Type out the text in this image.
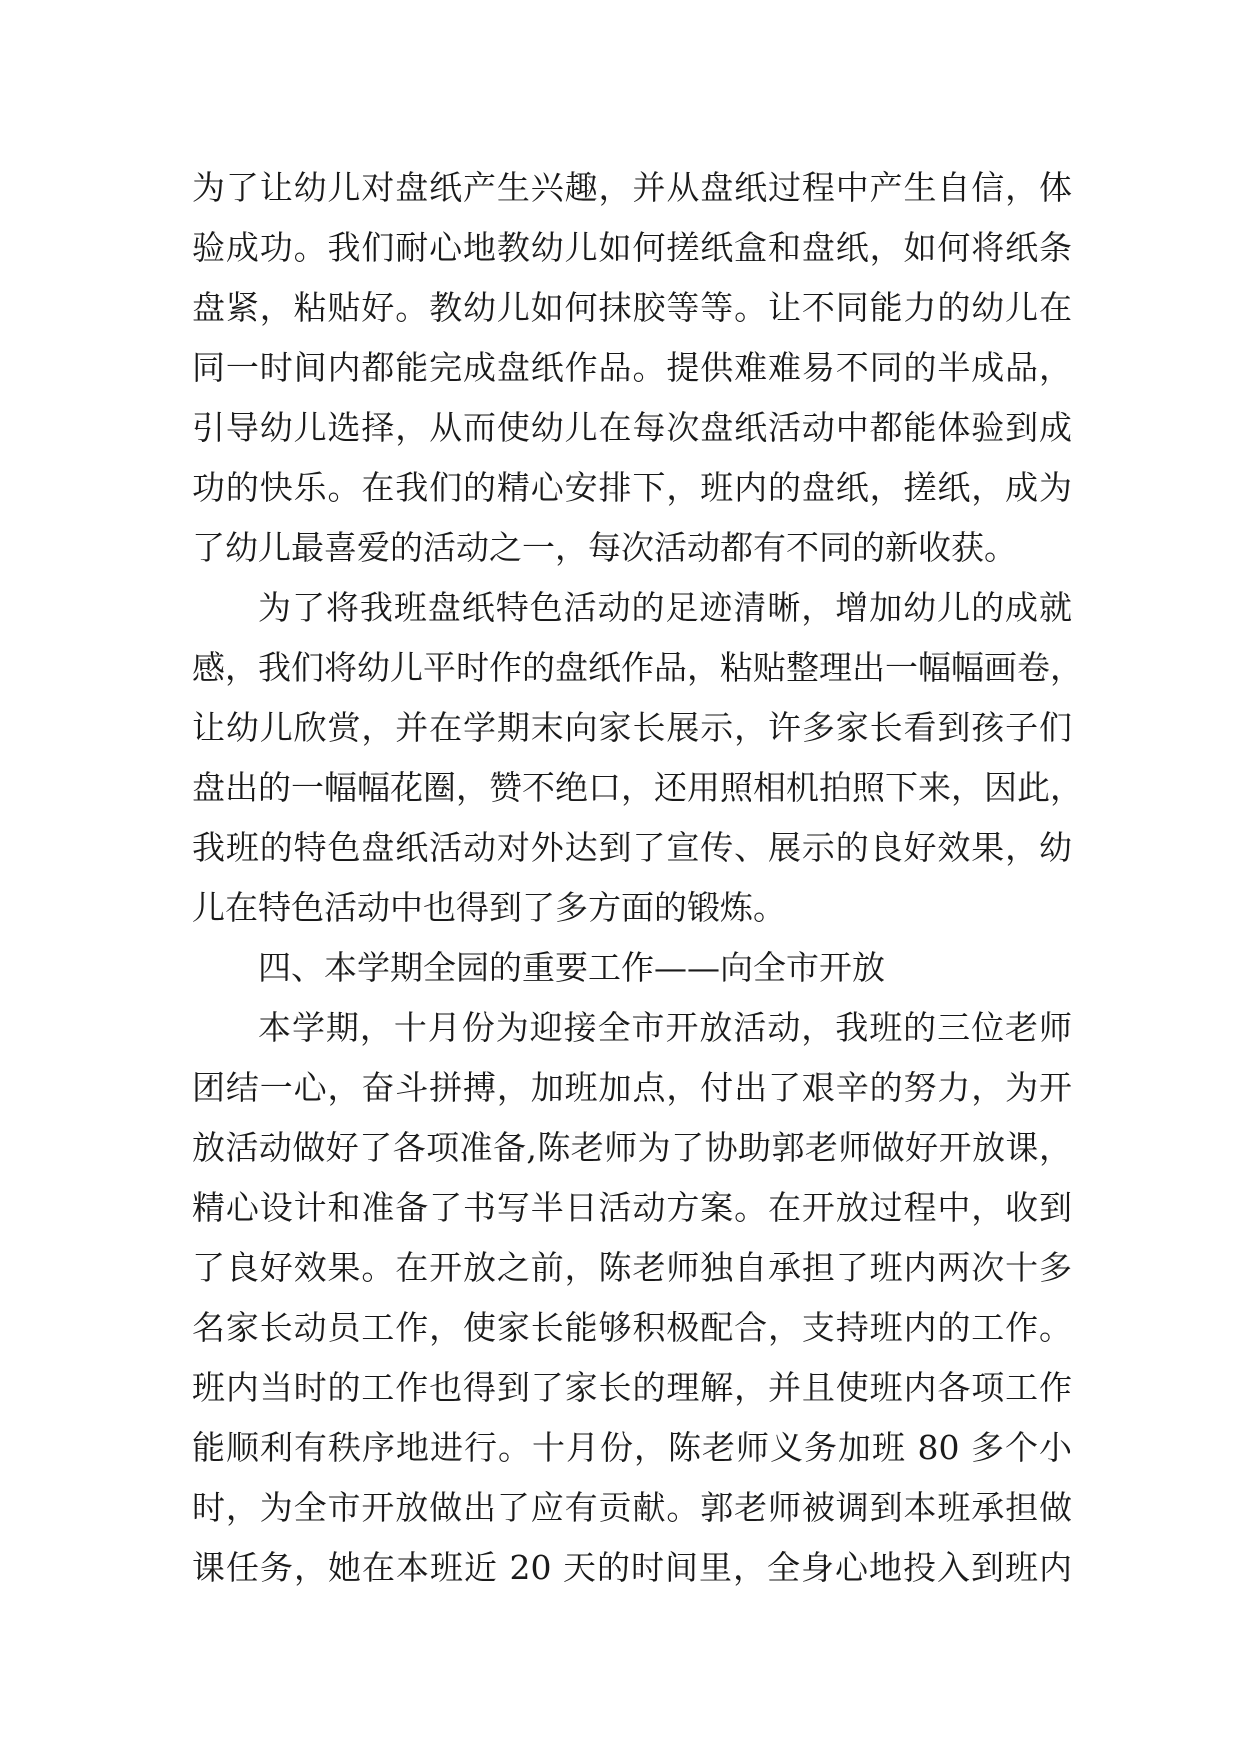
为了让幼儿对盘纸产生兴趣，并从盘纸过程中产生自信，体
验成功。我们耐心地教幼儿如何搓纸盒和盘纸，如何将纸条
盘紧，粘贴好。教幼儿如何抹胶等等。让不同能力的幼儿在
同一时间内都能完成盘纸作品。提供难难易不同的半成品，
引导幼儿选择，从而使幼儿在每次盘纸活动中都能体验到成
功的快乐。在我们的精心安排下，班内的盘纸，搓纸，成为
了幼儿最喜爱的活动之一，每次活动都有不同的新收获。
为了将我班盘纸特色活动的足迹清晰，增加幼儿的成就
感，我们将幼儿平时作的盘纸作品，粘贴整理出一幅幅画卷，
让幼儿欣赏，并在学期末向家长展示，许多家长看到孩子们
盘出的一幅幅花圈，赞不绝口，还用照相机拍照下来，因此，
我班的特色盘纸活动对外达到了宣传、展示的良好效果，幼
儿在特色活动中也得到了多方面的锻炼。
四、本学期全园的重要工作——向全市开放
本学期，十月份为迎接全市开放活动，我班的三位老师
团结一心，奋斗拼搏，加班加点，付出了艰辛的努力，为开
放活动做好了各项准备,陈老师为了协助郭老师做好开放课，
精心设计和准备了书写半日活动方案。在开放过程中，收到
了良好效果。在开放之前，陈老师独自承担了班内两次十多
名家长动员工作，使家长能够积极配合，支持班内的工作。
班内当时的工作也得到了家长的理解，并且使班内各项工作
能顺利有秩序地进行。十月份，陈老师义务加班 80 多个小
时，为全市开放做出了应有贡献。郭老师被调到本班承担做
课任务，她在本班近 20 天的时间里，全身心地投入到班内
